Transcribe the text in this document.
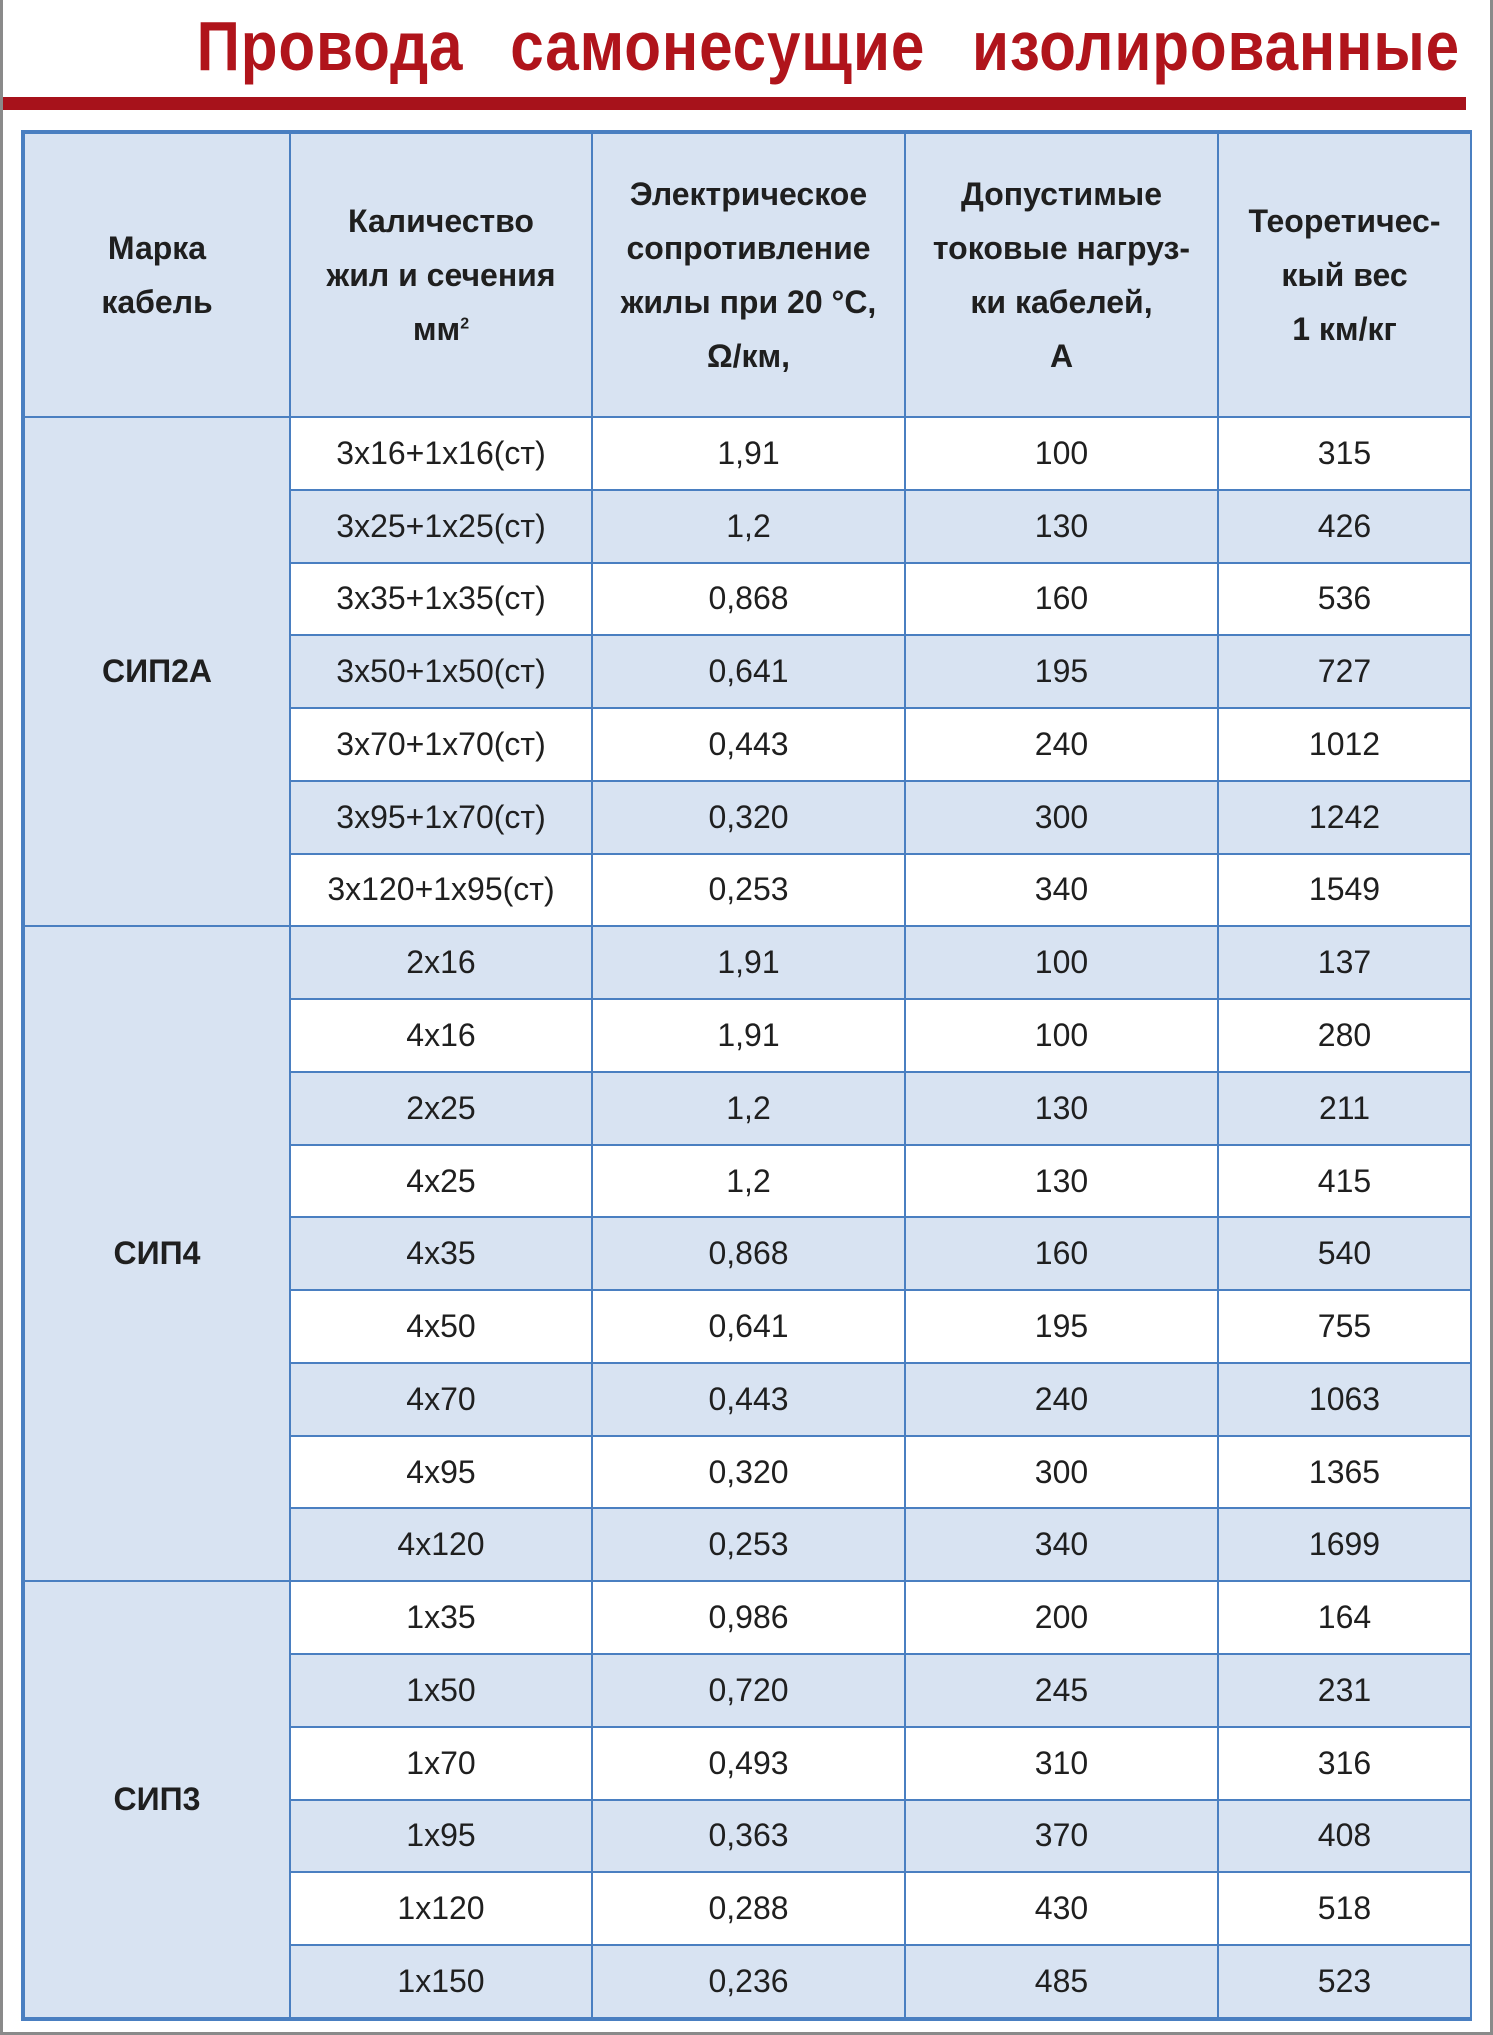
Провода самонесущие изолированные
Марка
кабель	Каличество
жил и сечения
$мм^2$	Электрическое
сопротивление
жилы при 20 °C,
Ω/км,	Допустимые
токовые нагруз-
ки кабелей,
A	Теоретичес-
кый вес
1 км/кг
СИП2А	3х16+1х16(ст)	1,91	100	315
	3х25+1х25(ст)	1,2	130	426
	3х35+1х35(ст)	0,868	160	536
	3х50+1х50(ст)	0,641	195	727
	3х70+1х70(ст)	0,443	240	1012
	3х95+1х70(ст)	0,320	300	1242
	3х120+1х95(ст)	0,253	340	1549
СИП4	2х16	1,91	100	137
	4х16	1,91	100	280
	2х25	1,2	130	211
	4х25	1,2	130	415
	4х35	0,868	160	540
	4х50	0,641	195	755
	4х70	0,443	240	1063
	4х95	0,320	300	1365
	4х120	0,253	340	1699
СИП3	1х35	0,986	200	164
	1х50	0,720	245	231
	1х70	0,493	310	316
	1х95	0,363	370	408
	1х120	0,288	430	518
	1х150	0,236	485	523
